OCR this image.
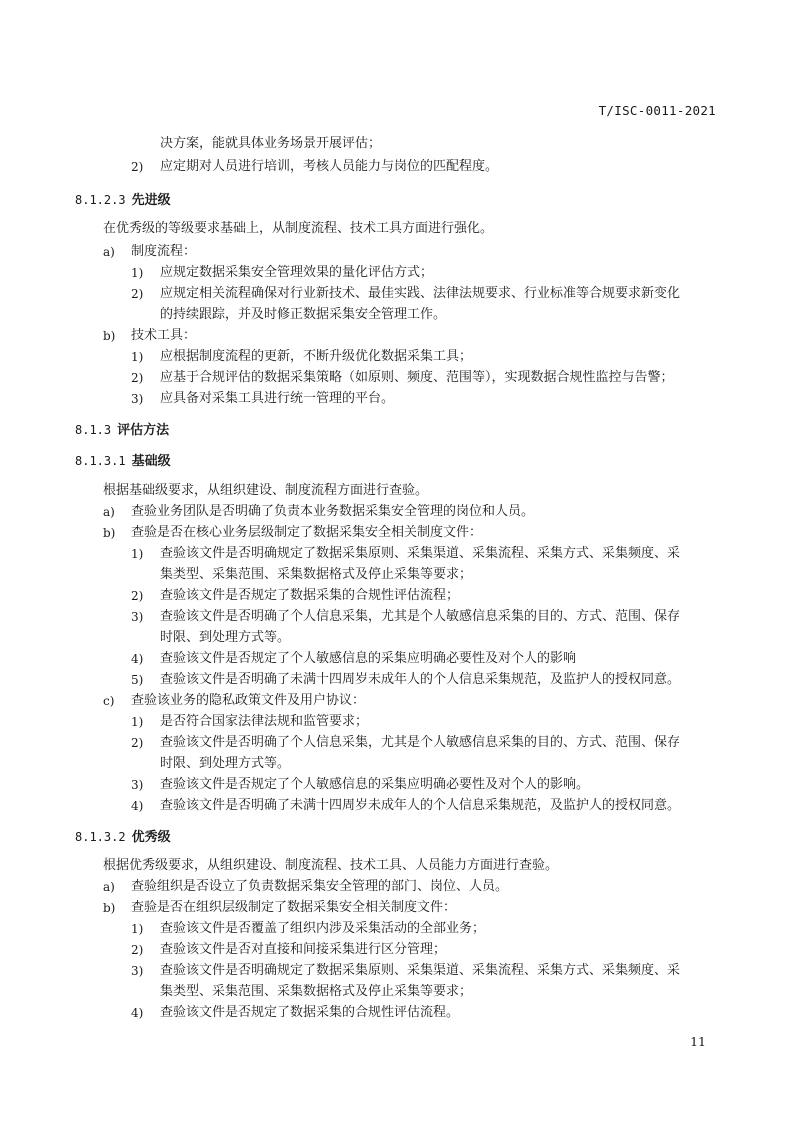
T/ISC-0011-2021
决方案，能就具体业务场景开展评估；
2) 应定期对人员进行培训，考核人员能力与岗位的匹配程度。
8.1.2.3 先进级
在优秀级的等级要求基础上，从制度流程、技术工具方面进行强化。
a) 制度流程：
1) 应规定数据采集安全管理效果的量化评估方式；
2) 应规定相关流程确保对行业新技术、最佳实践、法律法规要求、行业标准等合规要求新变化
的持续跟踪，并及时修正数据采集安全管理工作。
b) 技术工具：
1) 应根据制度流程的更新，不断升级优化数据采集工具；
2) 应基于合规评估的数据采集策略（如原则、频度、范围等），实现数据合规性监控与告警；
3) 应具备对采集工具进行统一管理的平台。
8.1.3 评估方法
8.1.3.1 基础级
根据基础级要求，从组织建设、制度流程方面进行查验。
a) 查验业务团队是否明确了负责本业务数据采集安全管理的岗位和人员。
b) 查验是否在核心业务层级制定了数据采集安全相关制度文件：
1) 查验该文件是否明确规定了数据采集原则、采集渠道、采集流程、采集方式、采集频度、采
集类型、采集范围、采集数据格式及停止采集等要求；
2) 查验该文件是否规定了数据采集的合规性评估流程；
3) 查验该文件是否明确了个人信息采集，尤其是个人敏感信息采集的目的、方式、范围、保存
时限、到处理方式等。
4) 查验该文件是否规定了个人敏感信息的采集应明确必要性及对个人的影响
5) 查验该文件是否明确了未满十四周岁未成年人的个人信息采集规范，及监护人的授权同意。
c) 查验该业务的隐私政策文件及用户协议：
1) 是否符合国家法律法规和监管要求；
2) 查验该文件是否明确了个人信息采集，尤其是个人敏感信息采集的目的、方式、范围、保存
时限、到处理方式等。
3) 查验该文件是否规定了个人敏感信息的采集应明确必要性及对个人的影响。
4) 查验该文件是否明确了未满十四周岁未成年人的个人信息采集规范，及监护人的授权同意。
8.1.3.2 优秀级
根据优秀级要求，从组织建设、制度流程、技术工具、人员能力方面进行查验。
a) 查验组织是否设立了负责数据采集安全管理的部门、岗位、人员。
b) 查验是否在组织层级制定了数据采集安全相关制度文件：
1) 查验该文件是否覆盖了组织内涉及采集活动的全部业务；
2) 查验该文件是否对直接和间接采集进行区分管理；
3) 查验该文件是否明确规定了数据采集原则、采集渠道、采集流程、采集方式、采集频度、采
集类型、采集范围、采集数据格式及停止采集等要求；
4) 查验该文件是否规定了数据采集的合规性评估流程。
11
